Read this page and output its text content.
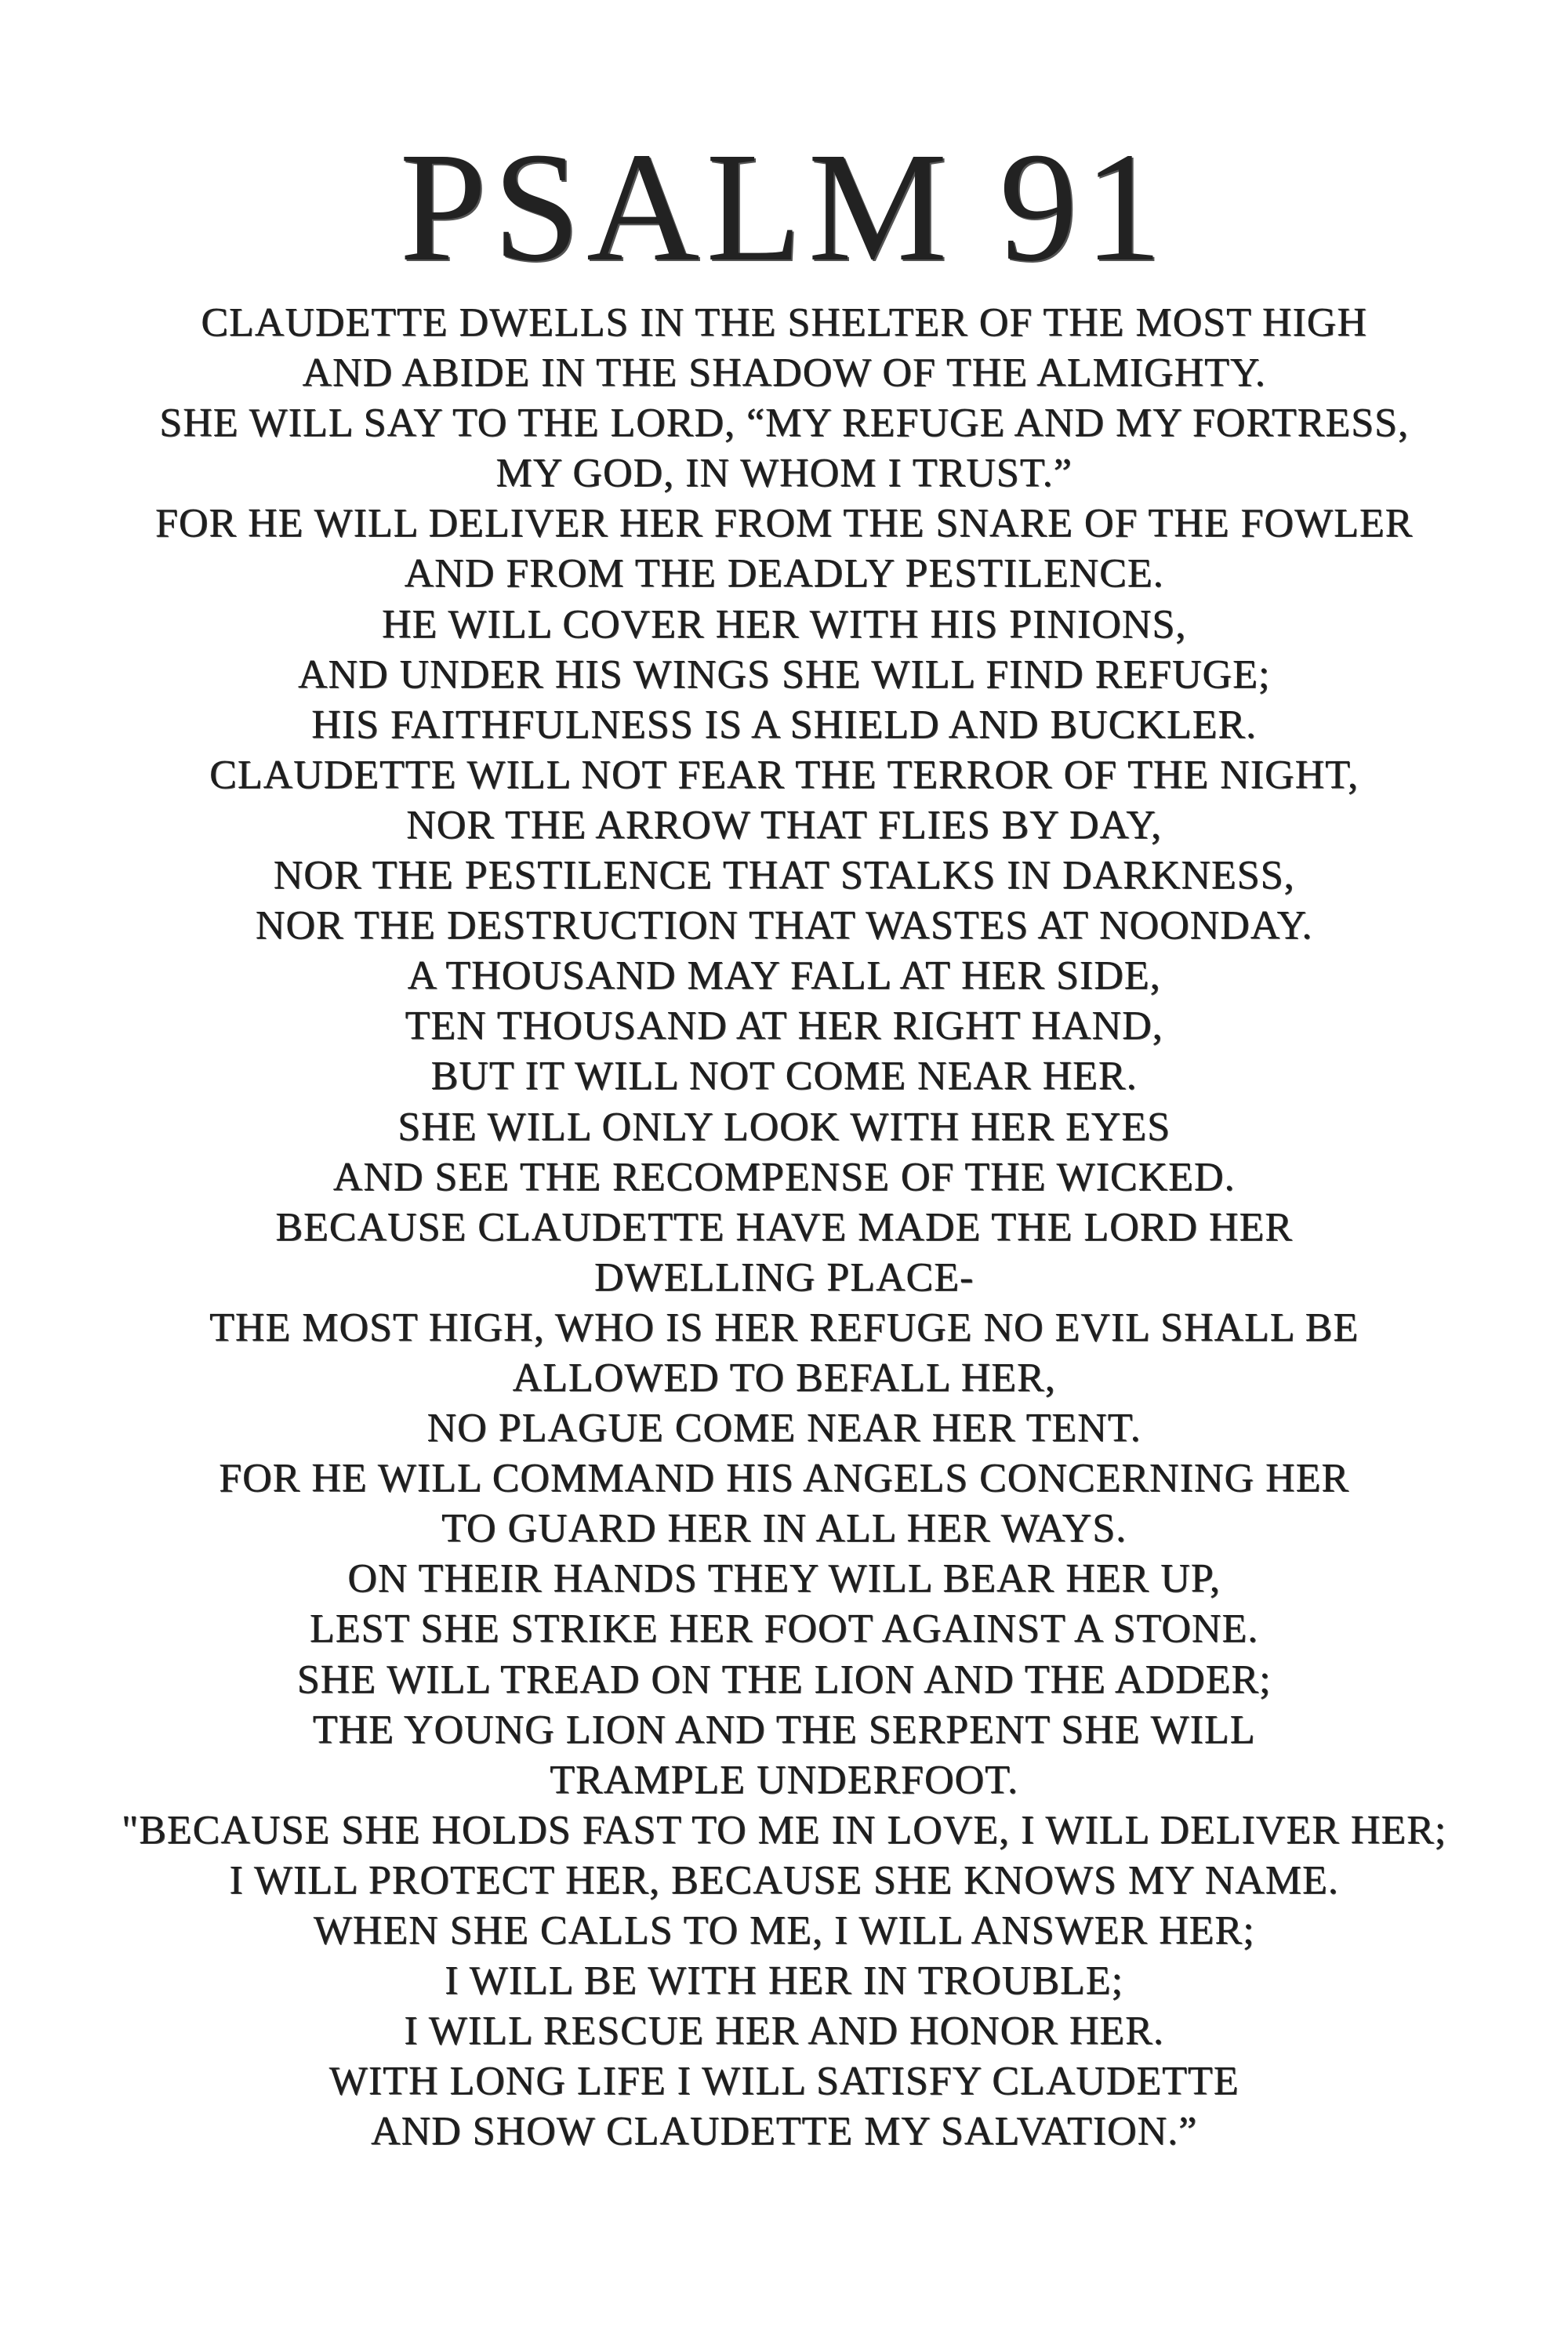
PSALM 91
CLAUDETTE DWELLS IN THE SHELTER OF THE MOST HIGH
AND ABIDE IN THE SHADOW OF THE ALMIGHTY.
SHE WILL SAY TO THE LORD, “MY REFUGE AND MY FORTRESS,
MY GOD, IN WHOM I TRUST.”
FOR HE WILL DELIVER HER FROM THE SNARE OF THE FOWLER
AND FROM THE DEADLY PESTILENCE.
HE WILL COVER HER WITH HIS PINIONS,
AND UNDER HIS WINGS SHE WILL FIND REFUGE;
HIS FAITHFULNESS IS A SHIELD AND BUCKLER.
CLAUDETTE WILL NOT FEAR THE TERROR OF THE NIGHT,
NOR THE ARROW THAT FLIES BY DAY,
NOR THE PESTILENCE THAT STALKS IN DARKNESS,
NOR THE DESTRUCTION THAT WASTES AT NOONDAY.
A THOUSAND MAY FALL AT HER SIDE,
TEN THOUSAND AT HER RIGHT HAND,
BUT IT WILL NOT COME NEAR HER.
SHE WILL ONLY LOOK WITH HER EYES
AND SEE THE RECOMPENSE OF THE WICKED.
BECAUSE CLAUDETTE HAVE MADE THE LORD HER
DWELLING PLACE-
THE MOST HIGH, WHO IS HER REFUGE NO EVIL SHALL BE
ALLOWED TO BEFALL HER,
NO PLAGUE COME NEAR HER TENT.
FOR HE WILL COMMAND HIS ANGELS CONCERNING HER
TO GUARD HER IN ALL HER WAYS.
ON THEIR HANDS THEY WILL BEAR HER UP,
LEST SHE STRIKE HER FOOT AGAINST A STONE.
SHE WILL TREAD ON THE LION AND THE ADDER;
THE YOUNG LION AND THE SERPENT SHE WILL
TRAMPLE UNDERFOOT.
"BECAUSE SHE HOLDS FAST TO ME IN LOVE, I WILL DELIVER HER;
I WILL PROTECT HER, BECAUSE SHE KNOWS MY NAME.
WHEN SHE CALLS TO ME, I WILL ANSWER HER;
I WILL BE WITH HER IN TROUBLE;
I WILL RESCUE HER AND HONOR HER.
WITH LONG LIFE I WILL SATISFY CLAUDETTE
AND SHOW CLAUDETTE MY SALVATION.”
